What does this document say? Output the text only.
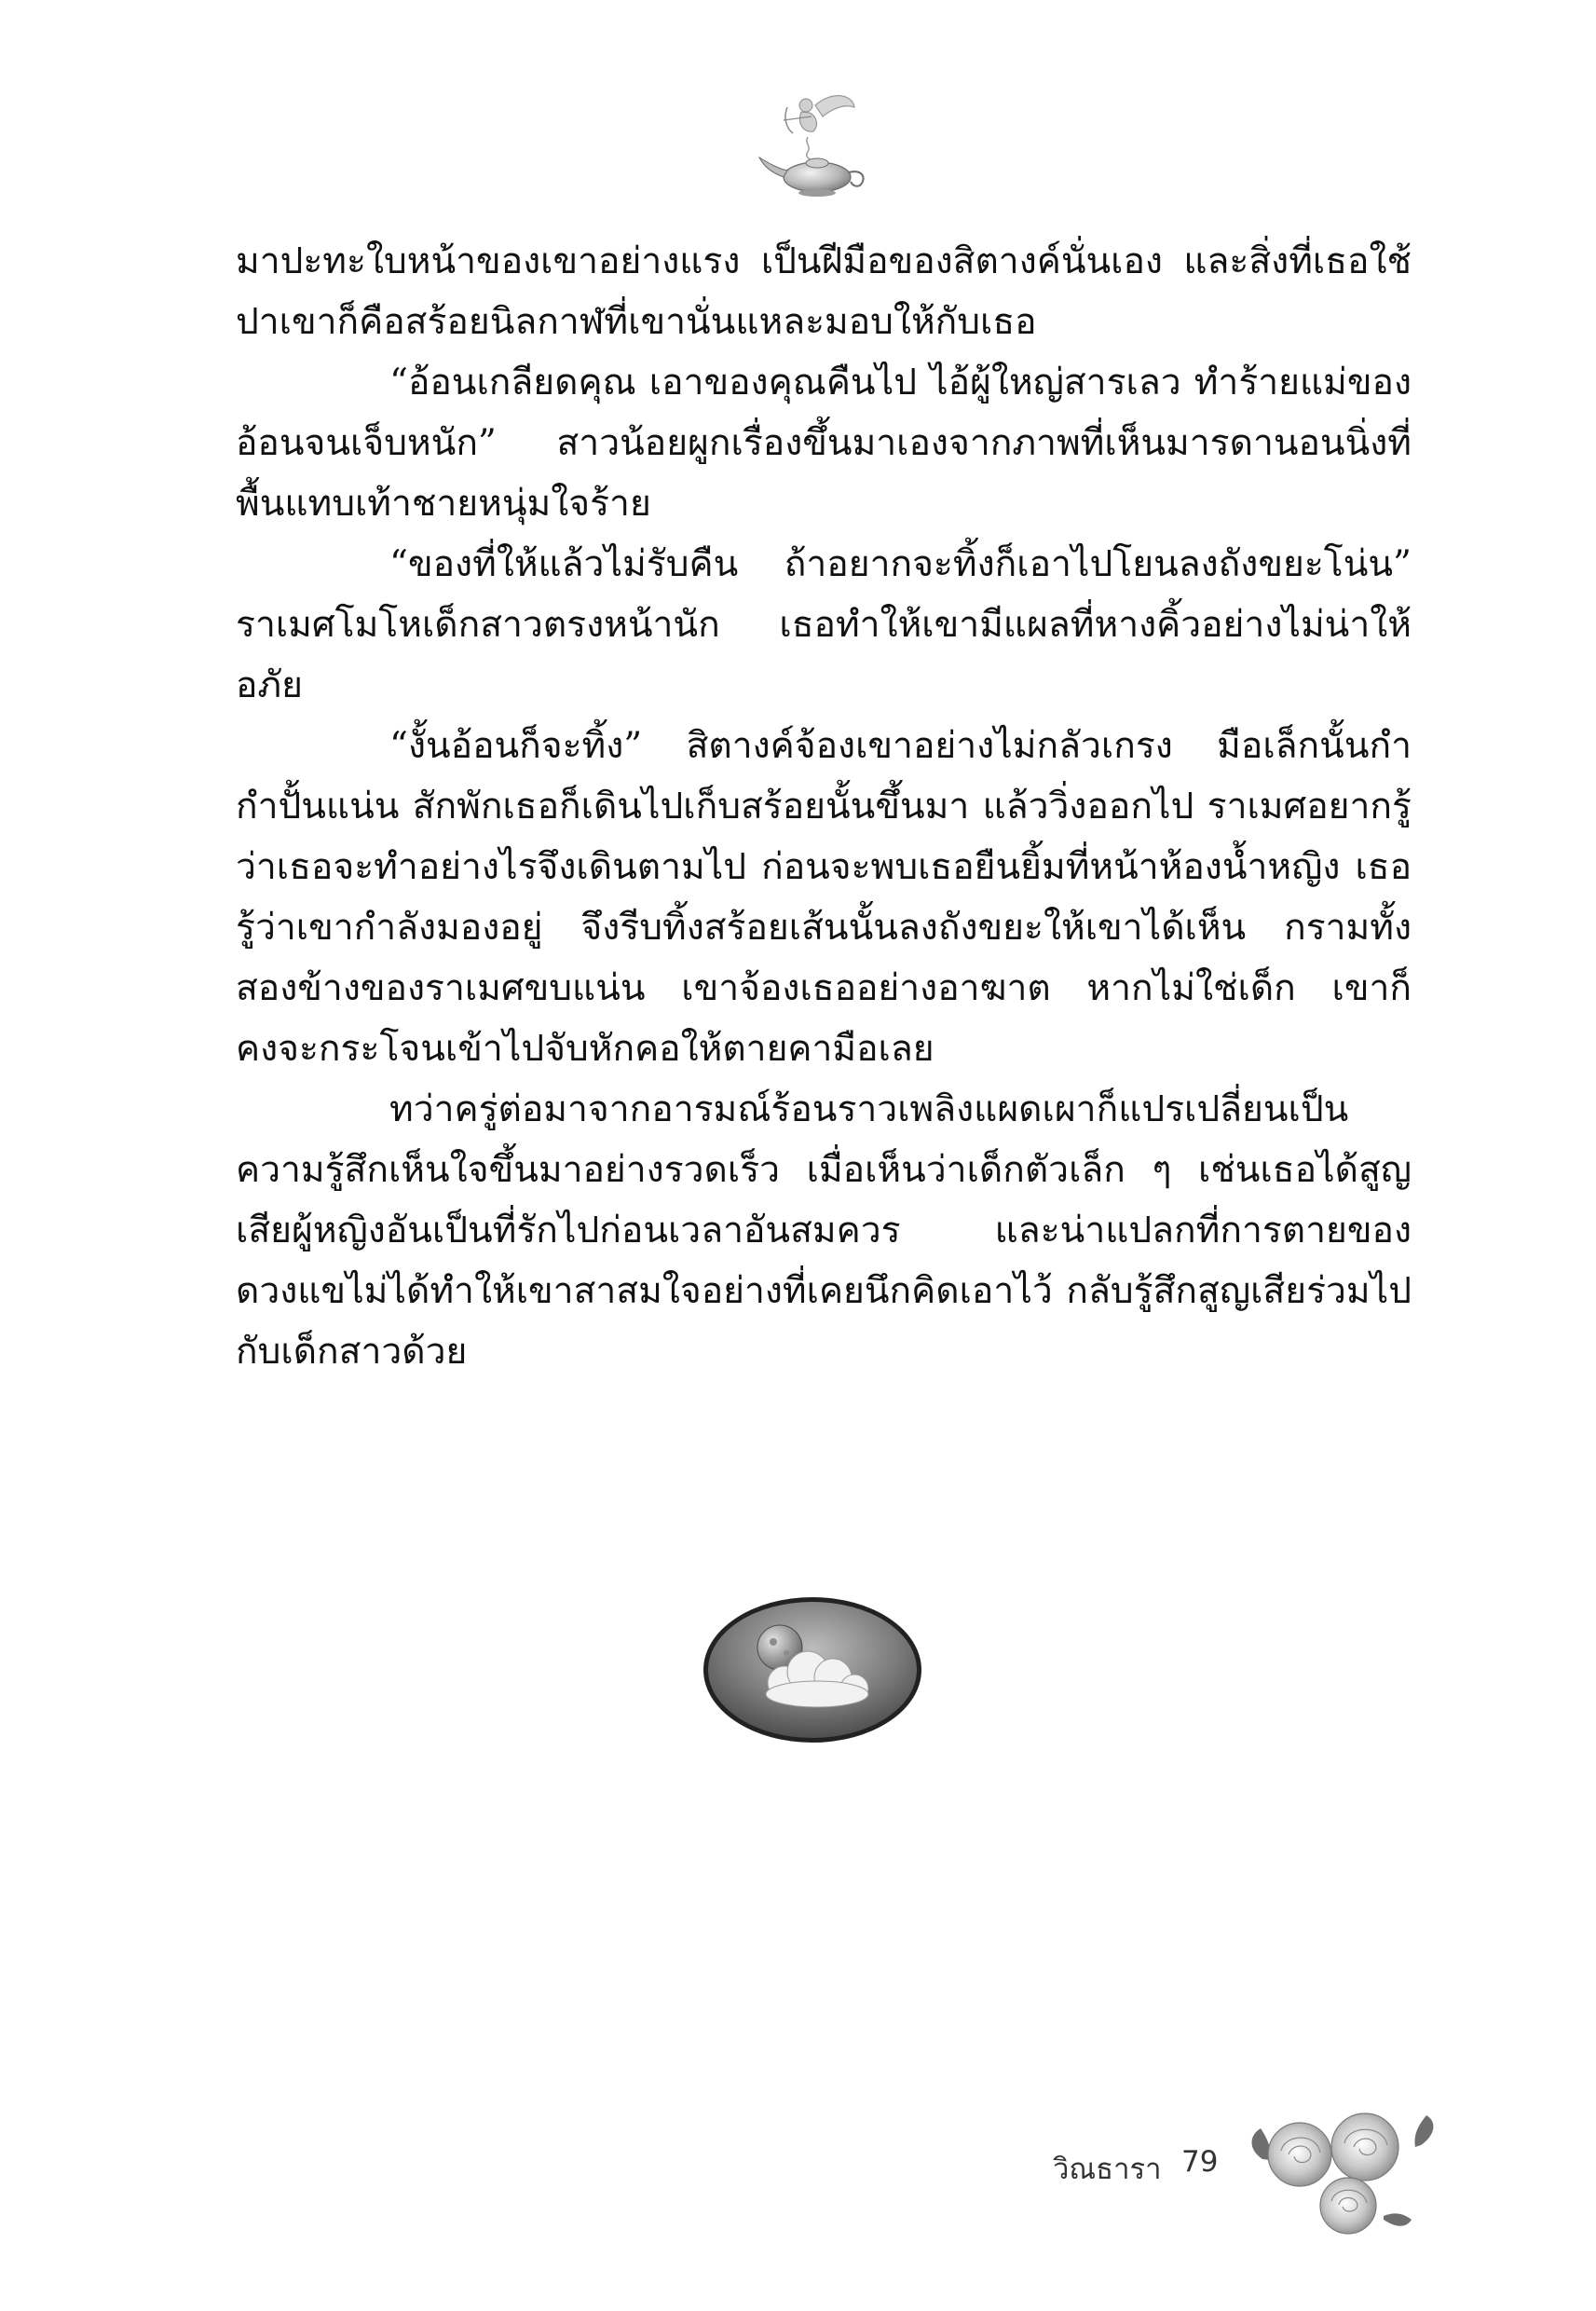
มาปะทะใบหน้าของเขาอย่างแรง เป็นฝีมือของสิตางค์นั่นเอง และสิ่งที่เธอใช้ปาเขาก็คือสร้อยนิลกาฬที่เขานั่นแหละมอบให้กับเธอ

“อ้อนเกลียดคุณ เอาของคุณคืนไป ไอ้ผู้ใหญ่สารเลว ทำร้ายแม่ของอ้อนจนเจ็บหนัก” สาวน้อยผูกเรื่องขึ้นมาเองจากภาพที่เห็นมารดานอนนิ่งที่พื้นแทบเท้าชายหนุ่มใจร้าย

“ของที่ให้แล้วไม่รับคืน ถ้าอยากจะทิ้งก็เอาไปโยนลงถังขยะโน่น” ราเมศโมโหเด็กสาวตรงหน้านัก เธอทำให้เขามีแผลที่หางคิ้วอย่างไม่น่าให้อภัย

“งั้นอ้อนก็จะทิ้ง” สิตางค์จ้องเขาอย่างไม่กลัวเกรง มือเล็กนั้นกำกำปั้นแน่น สักพักเธอก็เดินไปเก็บสร้อยนั้นขึ้นมา แล้ววิ่งออกไป ราเมศอยากรู้ว่าเธอจะทำอย่างไรจึงเดินตามไป ก่อนจะพบเธอยืนยิ้มที่หน้าห้องน้ำหญิง เธอรู้ว่าเขากำลังมองอยู่ จึงรีบทิ้งสร้อยเส้นนั้นลงถังขยะให้เขาได้เห็น กรามทั้งสองข้างของราเมศขบแน่น เขาจ้องเธออย่างอาฆาต หากไม่ใช่เด็ก เขาก็คงจะกระโจนเข้าไปจับหักคอให้ตายคามือเลย

ทว่าครู่ต่อมาจากอารมณ์ร้อนราวเพลิงแผดเผาก็แปรเปลี่ยนเป็นความรู้สึกเห็นใจขึ้นมาอย่างรวดเร็ว เมื่อเห็นว่าเด็กตัวเล็ก ๆ เช่นเธอได้สูญเสียผู้หญิงอันเป็นที่รักไปก่อนเวลาอันสมควร และน่าแปลกที่การตายของดวงแขไม่ได้ทำให้เขาสาสมใจอย่างที่เคยนึกคิดเอาไว้ กลับรู้สึกสูญเสียร่วมไปกับเด็กสาวด้วย

วิณธารา 79
